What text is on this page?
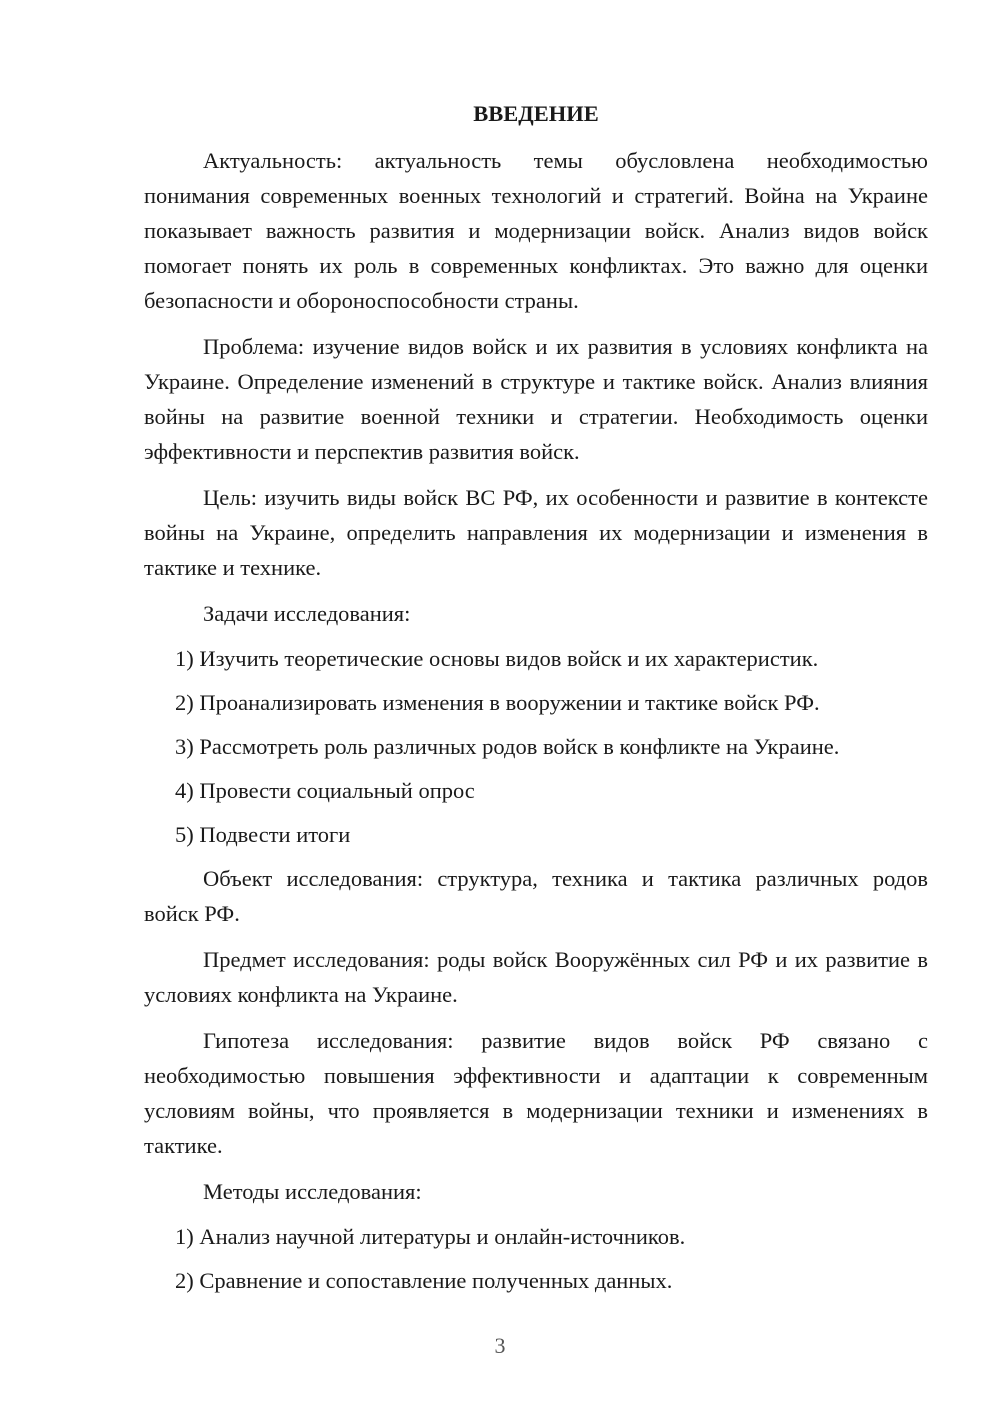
ВВЕДЕНИЕ

Актуальность: актуальность темы обусловлена необходимостью понимания современных военных технологий и стратегий. Война на Украине показывает важность развития и модернизации войск. Анализ видов войск помогает понять их роль в современных конфликтах. Это важно для оценки безопасности и обороноспособности страны.

Проблема: изучение видов войск и их развития в условиях конфликта на Украине. Определение изменений в структуре и тактике войск. Анализ влияния войны на развитие военной техники и стратегии. Необходимость оценки эффективности и перспектив развития войск.

Цель: изучить виды войск ВС РФ, их особенности и развитие в контексте войны на Украине, определить направления их модернизации и изменения в тактике и технике.

Задачи исследования:

1) Изучить теоретические основы видов войск и их характеристик.
2) Проанализировать изменения в вооружении и тактике войск РФ.
3) Рассмотреть роль различных родов войск в конфликте на Украине.
4) Провести социальный опрос
5) Подвести итоги

Объект исследования: структура, техника и тактика различных родов войск РФ.

Предмет исследования: роды войск Вооружённых сил РФ и их развитие в условиях конфликта на Украине.

Гипотеза исследования: развитие видов войск РФ связано с необходимостью повышения эффективности и адаптации к современным условиям войны, что проявляется в модернизации техники и изменениях в тактике.

Методы исследования:

1) Анализ научной литературы и онлайн-источников.
2) Сравнение и сопоставление полученных данных.
3
